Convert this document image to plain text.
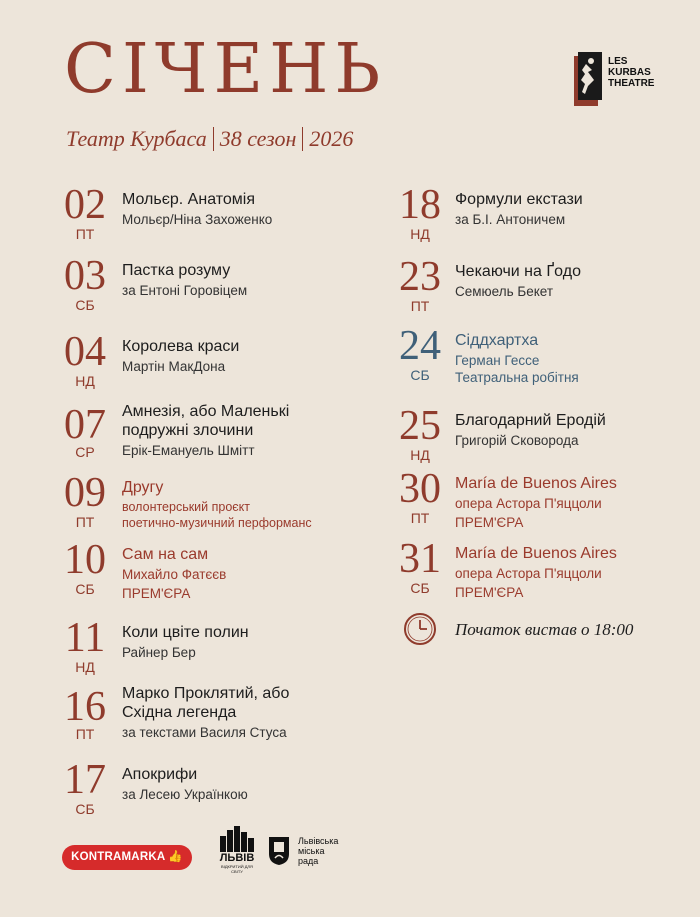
СІЧЕНЬ
Театр Курбаса 38 сезон 2026
LES
KURBAS
THEATRE
02
ПТ
Мольєр. Анатомія
Мольєр/Ніна Захоженко
03
СБ
Пастка розуму
за Ентоні Горовіцем
04
НД
Королева краси
Мартін МакДона
07
СР
Амнезія, або Маленькі подружні злочини
Ерік-Емануель Шмітт
09
ПТ
Другу
волонтерський проєкт
поетично-музичний перформанс
10
СБ
Сам на сам
Михайло Фатєєв
ПРЕМ'ЄРА
11
НД
Коли цвіте полин
Райнер Бер
16
ПТ
Марко Проклятий, або Східна легенда
за текстами Василя Стуса
17
СБ
Апокрифи
за Лесею Українкою
18
НД
Формули екстази
за Б.І. Антоничем
23
ПТ
Чекаючи на Ґодо
Семюель Бекет
24
СБ
Сіддхартха
Герман Гессе
Театральна робітня
25
НД
Благодарний Еродій
Григорій Сковорода
30
ПТ
María de Buenos Aires
опера Астора П'яццоли
ПРЕМ'ЄРА
31
СБ
María de Buenos Aires
опера Астора П'яццоли
ПРЕМ'ЄРА
Початок вистав о 18:00
KONTRAMARKA 👍	ЛЬВІВ
ВІДКРИТИЙ ДЛЯ СВІТУ
Львівська
міська
рада
